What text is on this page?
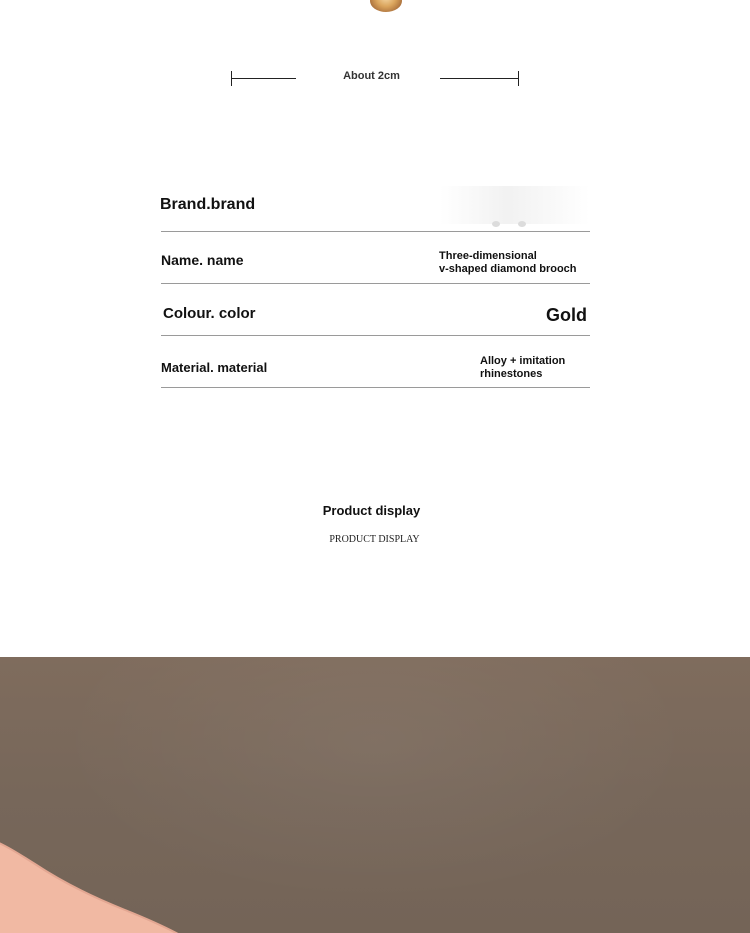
About 2cm
Brand.brand
Name. name	Three-dimensional
v-shaped diamond brooch
Colour. color	Gold
Material. material	Alloy + imitation
rhinestones
Product display
PRODUCT DISPLAY
